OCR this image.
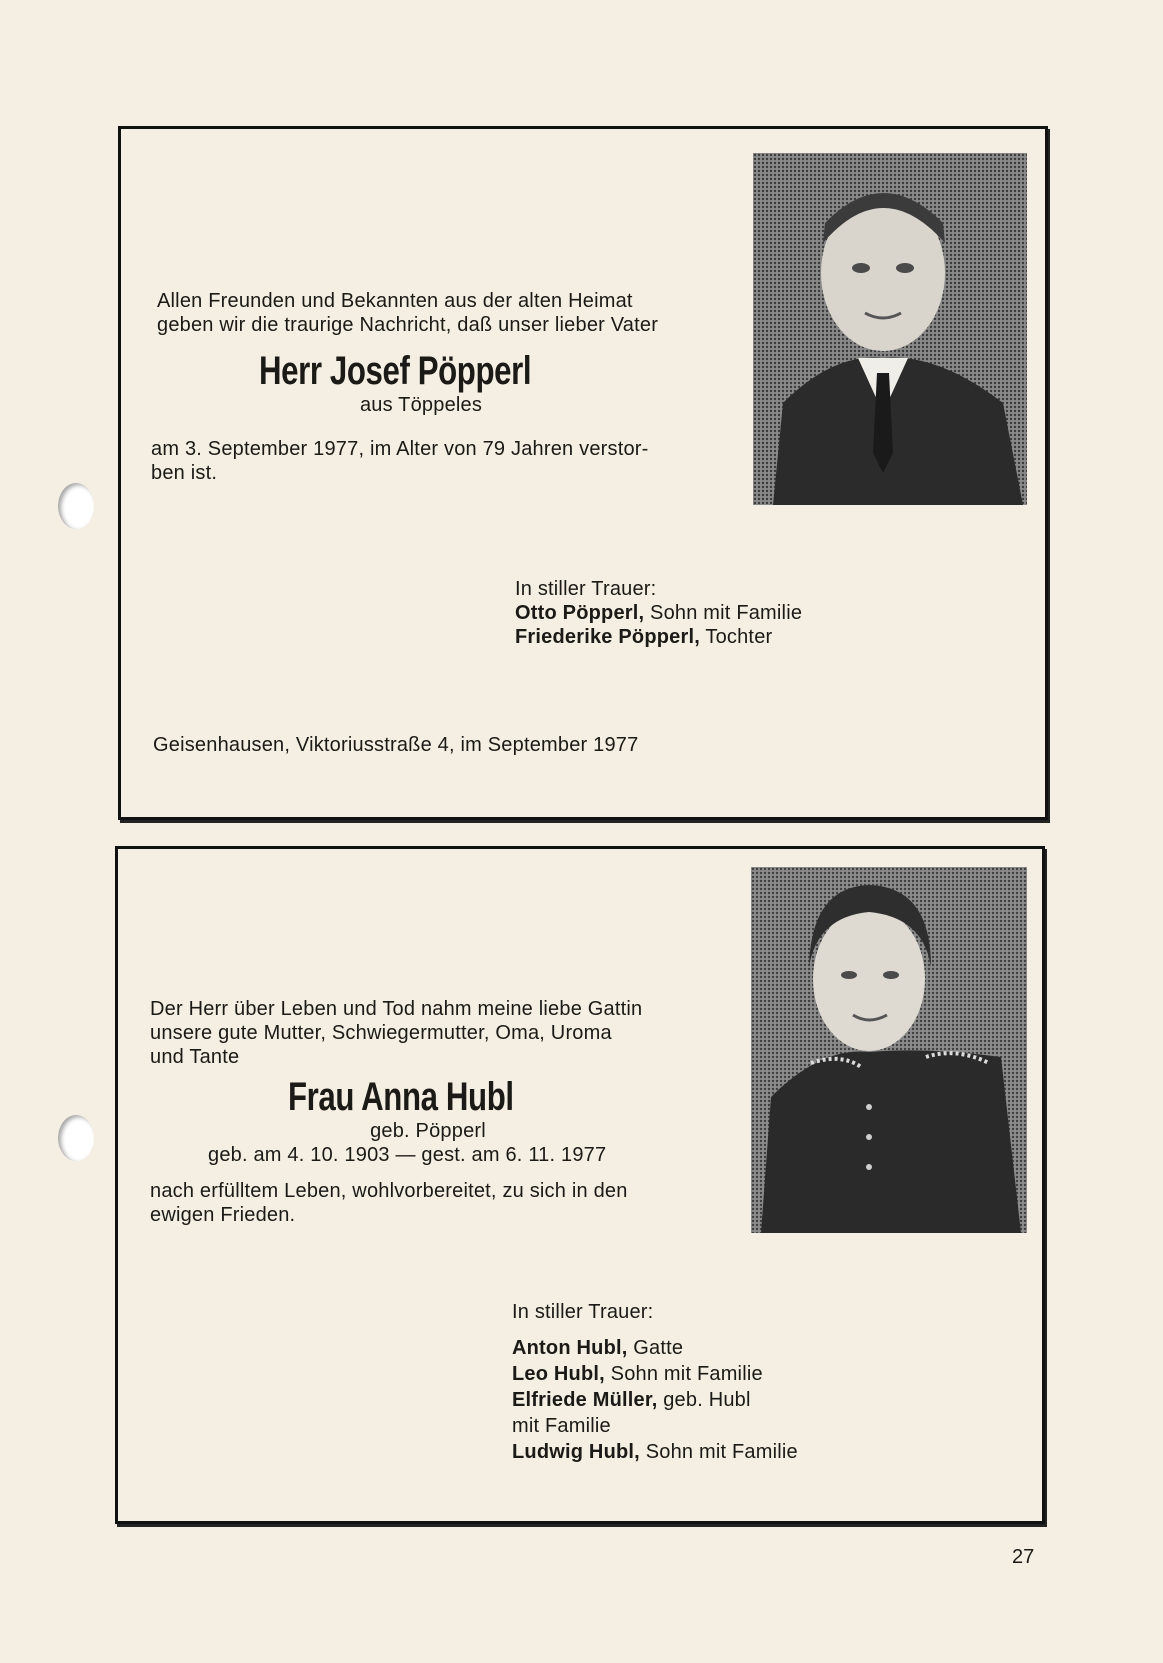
Allen Freunden und Bekannten aus der alten Heimat
geben wir die traurige Nachricht, daß unser lieber Vater
Herr Josef Pöpperl
aus Töppeles
am 3. September 1977, im Alter von 79 Jahren verstor-
ben ist.
In stiller Trauer:
Otto Pöpperl, Sohn mit Familie
Friederike Pöpperl, Tochter
Geisenhausen, Viktoriusstraße 4, im September 1977
Der Herr über Leben und Tod nahm meine liebe Gattin
unsere gute Mutter, Schwiegermutter, Oma, Uroma
und Tante
Frau Anna Hubl
geb. Pöpperl
geb. am 4. 10. 1903 — gest. am 6. 11. 1977
nach erfülltem Leben, wohlvorbereitet, zu sich in den
ewigen Frieden.
In stiller Trauer:
Anton Hubl, Gatte
Leo Hubl, Sohn mit Familie
Elfriede Müller, geb. Hubl
mit Familie
Ludwig Hubl, Sohn mit Familie
27
